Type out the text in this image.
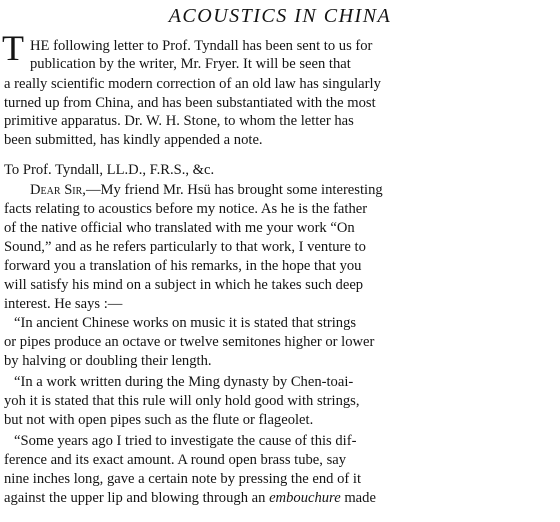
ACOUSTICS IN CHINA
T HE following letter to Prof. Tyndall has been sent to us for
publication by the writer, Mr. Fryer. It will be seen that
a really scientific modern correction of an old law has singularly
turned up from China, and has been substantiated with the most
primitive apparatus. Dr. W. H. Stone, to whom the letter has
been submitted, has kindly appended a note.
To Prof. Tyndall, LL.D., F.R.S., &c.
Dear Sir,—My friend Mr. Hsü has brought some interesting
facts relating to acoustics before my notice. As he is the father
of the native official who translated with me your work “On
Sound,” and as he refers particularly to that work, I venture to
forward you a translation of his remarks, in the hope that you
will satisfy his mind on a subject in which he takes such deep
interest. He says :—
“In ancient Chinese works on music it is stated that strings
or pipes produce an octave or twelve semitones higher or lower
by halving or doubling their length.
“In a work written during the Ming dynasty by Chen-toai-
yoh it is stated that this rule will only hold good with strings,
but not with open pipes such as the flute or flageolet.
“Some years ago I tried to investigate the cause of this dif-
ference and its exact amount. A round open brass tube, say
nine inches long, gave a certain note by pressing the end of it
against the upper lip and blowing through an embouchure made
